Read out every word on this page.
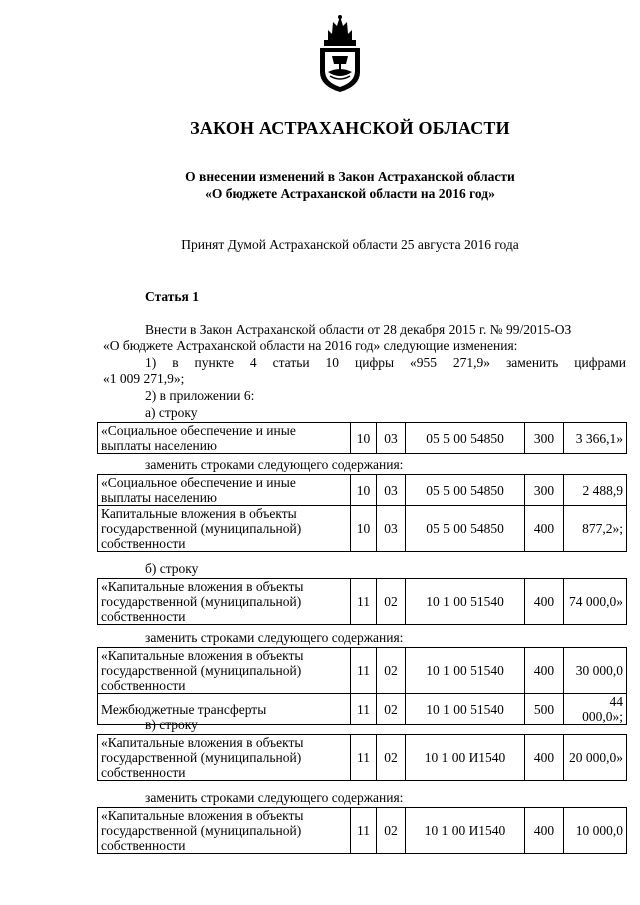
ЗАКОН АСТРАХАНСКОЙ ОБЛАСТИ
О внесении изменений в Закон Астраханской области
«О бюджете Астраханской области на 2016 год»
Принят Думой Астраханской области 25 августа 2016 года
Статья 1
Внести в Закон Астраханской области от 28 декабря 2015 г. № 99/2015-ОЗ
«О бюджете Астраханской области на 2016 год» следующие изменения:
1) в пункте 4 статьи 10 цифры «955 271,9» заменить цифрами
«1 009 271,9»;
2) в приложении 6:
а) строку
«Социальное обеспечение и иные выплаты населению	10	03	05 5 00 54850	300	3 366,1»
заменить строками следующего содержания:
«Социальное обеспечение и иные выплаты населению	10	03	05 5 00 54850	300	2 488,9
Капитальные вложения в объекты государственной (муниципальной) собственности	10	03	05 5 00 54850	400	877,2»;
б) строку
«Капитальные вложения в объекты государственной (муниципальной) собственности	11	02	10 1 00 51540	400	74 000,0»
заменить строками следующего содержания:
«Капитальные вложения в объекты государственной (муниципальной) собственности	11	02	10 1 00 51540	400	30 000,0
Межбюджетные трансферты	11	02	10 1 00 51540	500	44 000,0»;
в) строку
«Капитальные вложения в объекты государственной (муниципальной) собственности	11	02	10 1 00 И1540	400	20 000,0»
заменить строками следующего содержания:
«Капитальные вложения в объекты государственной (муниципальной) собственности	11	02	10 1 00 И1540	400	10 000,0
